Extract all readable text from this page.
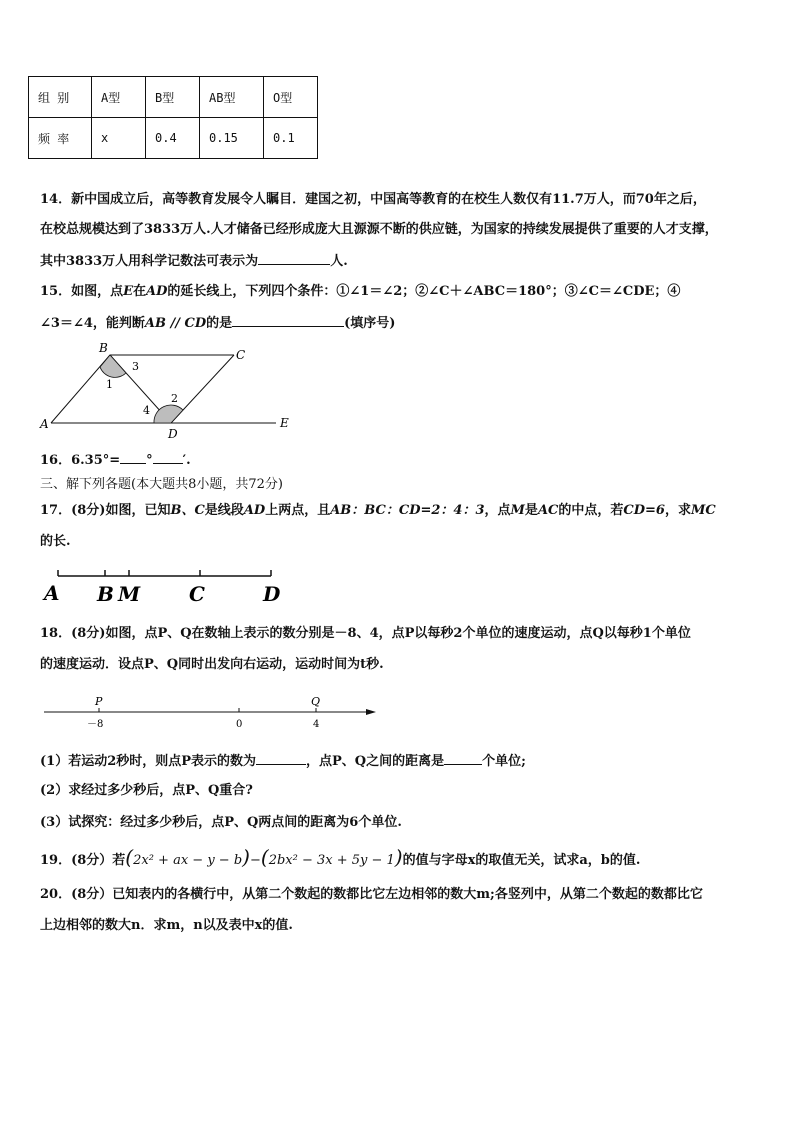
组 别	A型	B型	AB型	O型
频 率	x	0.4	0.15	0.1
14．新中国成立后，高等教育发展令人瞩目．建国之初，中国高等教育的在校生人数仅有11.7万人，而70年之后，
在校总规模达到了3833万人.人才储备已经形成庞大且源源不断的供应链，为国家的持续发展提供了重要的人才支撑，
其中3833万人用科学记数法可表示为	人.
15．如图，点E在AD的延长线上，下列四个条件：①∠1＝∠2；②∠C＋∠ABC＝180°；③∠C＝∠CDE；④
∠3＝∠4，能判断AB // CD的是	(填序号)
B	C
A
D
E
1
3
4
2
16．6.35°= ° ′.
三、解下列各题(本大题共8小题，共72分)
17．(8分)如图，已知B、C是线段AD上两点，且AB：BC：CD=2：4：3，点M是AC的中点，若CD=6，求MC
的长.
A B M C	D
18．(8分)如图，点P、Q在数轴上表示的数分别是－8、4，点P以每秒2个单位的速度运动，点Q以每秒1个单位
的速度运动．设点P、Q同时出发向右运动，运动时间为t秒.
P	Q
－8	0	4
(1）若运动2秒时，则点P表示的数为	，点P、Q之间的距离是	个单位;
(2）求经过多少秒后，点P、Q重合?
(3）试探究：经过多少秒后，点P、Q两点间的距离为6个单位.
19．(8分）若(2x² + ax − y − b)−(2bx² − 3x + 5y − 1)的值与字母x的取值无关，试求a，b的值.
20．(8分）已知表内的各横行中，从第二个数起的数都比它左边相邻的数大m;各竖列中，从第二个数起的数都比它
上边相邻的数大n．求m，n以及表中x的值.
